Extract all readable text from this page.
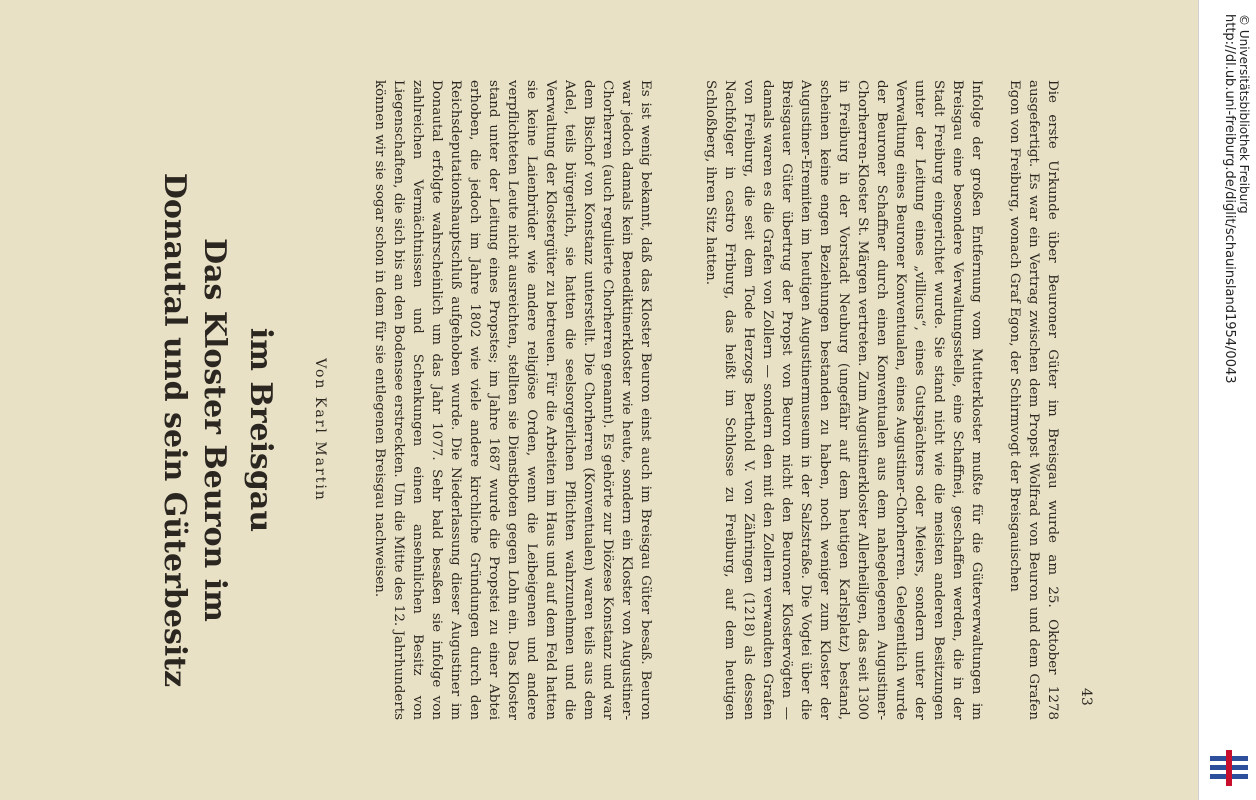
Das Kloster Beuron im Donautal und sein Güterbesitz	im Breisgau Von Karl Martin	Es ist wenig bekannt, daß das Kloster Beuron einst auch im Breisgau Güter besaß. Beuron war jedoch damals kein Benediktinerkloster wie heute, sondern ein Kloster von Augustiner-Chorherren (auch regulierte Chorherren genannt). Es gehörte zur Diözese Konstanz und war dem Bischof von Konstanz unterstellt. Die Chorherren (Konventualen) waren teils aus dem Adel, teils bürgerlich, sie hatten die seelsorgerlichen Pflichten wahrzunehmen und die Verwaltung der Klostergüter zu betreuen. Für die Arbeiten im Haus und auf dem Feld hatten sie keine Laienbrüder wie andere religiöse Orden, wenn die Leibeigenen und andere verpflichteten Leute nicht ausreichten, stellten sie Dienstboten gegen Lohn ein. Das Kloster stand unter der Leitung eines Propstes; im Jahre 1687 wurde die Propstei zu einer Abtei erhoben, die jedoch im Jahre 1802 wie viele andere kirchliche Gründungen durch den Reichsdeputationshauptschluß aufgehoben wurde. Die Niederlassung dieser Augustiner im Donautal erfolgte wahrscheinlich um das Jahr 1077. Sehr bald besaßen sie infolge von zahlreichen Vermächtnissen und Schenkungen einen ansehnlichen Besitz von Liegenschaften, die sich bis an den Bodensee erstreckten. Um die Mitte des 12. Jahrhunderts können wir sie sogar schon in dem für sie entlegenen Breisgau nachweisen.	Infolge der großen Entfernung vom Mutterkloster mußte für die Güterverwaltungen im Breisgau eine besondere Verwaltungsstelle, eine Schaffnei, geschaffen werden, die in der Stadt Freiburg eingerichtet wurde. Sie stand nicht wie die meisten anderen Besitzungen unter der Leitung eines „villicus“, eines Gutspächters oder Meiers, sondern unter der Verwaltung eines Beuroner Konventualen, eines Augustiner-Chorherren. Gelegentlich wurde der Beuroner Schaffner durch einen Konventualen aus dem nahegelegenen Augustiner-Chorherren-Kloster St. Märgen vertreten. Zum Augustinerkloster Allerheiligen, das seit 1300 in Freiburg in der Vorstadt Neuburg (ungefähr auf dem heutigen Karlsplatz) bestand, scheinen keine engen Beziehungen bestanden zu haben, noch weniger zum Kloster der Augustiner-Eremiten im heutigen Augustinermuseum in der Salzstraße. Die Vogtei über die Breisgauer Güter übertrug der Propst von Beuron nicht den Beuroner Klostervögten — damals waren es die Grafen von Zollern — sondern den mit den Zollern verwandten Grafen von Freiburg, die seit dem Tode Herzogs Berthold V. von Zähringen (1218) als dessen Nachfolger in castro Friburg, das heißt im Schlosse zu Freiburg, auf dem heutigen Schloßberg, ihren Sitz hatten.	Die erste Urkunde über Beuroner Güter im Breisgau wurde am 25. Oktober 1278 ausgefertigt. Es war ein Vertrag zwischen dem Propst Wolfrad von Beuron und dem Grafen Egon von Freiburg, wonach Graf Egon, der Schirmvogt der Breisgauischen

43
http://dl.ub.uni-freiburg.de/diglit/schauinsland1954/0043 © Universitätsbibliothek Freiburg
